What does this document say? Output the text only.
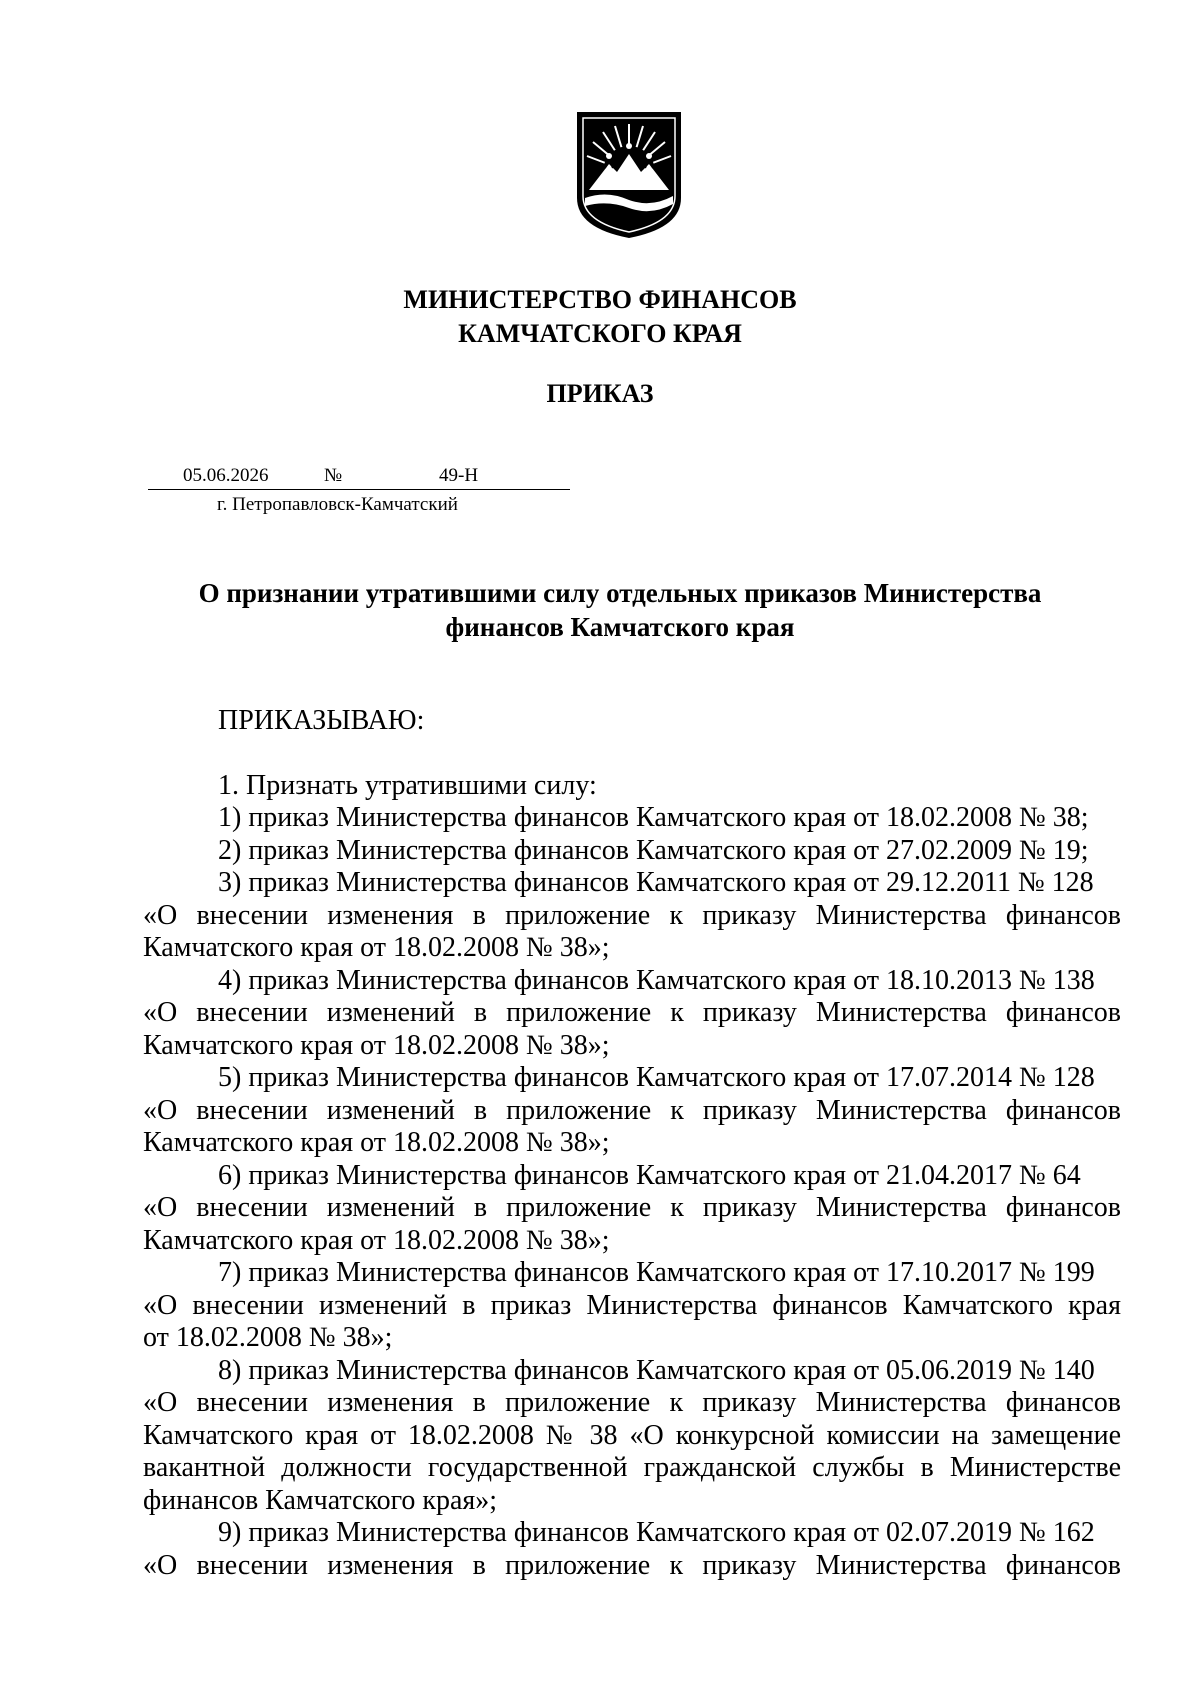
МИНИСТЕРСТВО ФИНАНСОВ
КАМЧАТСКОГО КРАЯ
ПРИКАЗ
05.06.2026	№	49-Н
г. Петропавловск-Камчатский
О признании утратившими силу отдельных приказов Министерства
финансов Камчатского края
ПРИКАЗЫВАЮ:
1. Признать утратившими силу:
1) приказ Министерства финансов Камчатского края от 18.02.2008 № 38;
2) приказ Министерства финансов Камчатского края от 27.02.2009 № 19;
3) приказ Министерства финансов Камчатского края от 29.12.2011 № 128
«О внесении изменения в приложение к приказу Министерства финансов
Камчатского края от 18.02.2008 № 38»;
4) приказ Министерства финансов Камчатского края от 18.10.2013 № 138
«О внесении изменений в приложение к приказу Министерства финансов
Камчатского края от 18.02.2008 № 38»;
5) приказ Министерства финансов Камчатского края от 17.07.2014 № 128
«О внесении изменений в приложение к приказу Министерства финансов
Камчатского края от 18.02.2008 № 38»;
6) приказ Министерства финансов Камчатского края от 21.04.2017 № 64
«О внесении изменений в приложение к приказу Министерства финансов
Камчатского края от 18.02.2008 № 38»;
7) приказ Министерства финансов Камчатского края от 17.10.2017 № 199
«О внесении изменений в приказ Министерства финансов Камчатского края
от 18.02.2008 № 38»;
8) приказ Министерства финансов Камчатского края от 05.06.2019 № 140
«О внесении изменения в приложение к приказу Министерства финансов
Камчатского края от 18.02.2008 № 38 «О конкурсной комиссии на замещение
вакантной должности государственной гражданской службы в Министерстве
финансов Камчатского края»;
9) приказ Министерства финансов Камчатского края от 02.07.2019 № 162
«О внесении изменения в приложение к приказу Министерства финансов
